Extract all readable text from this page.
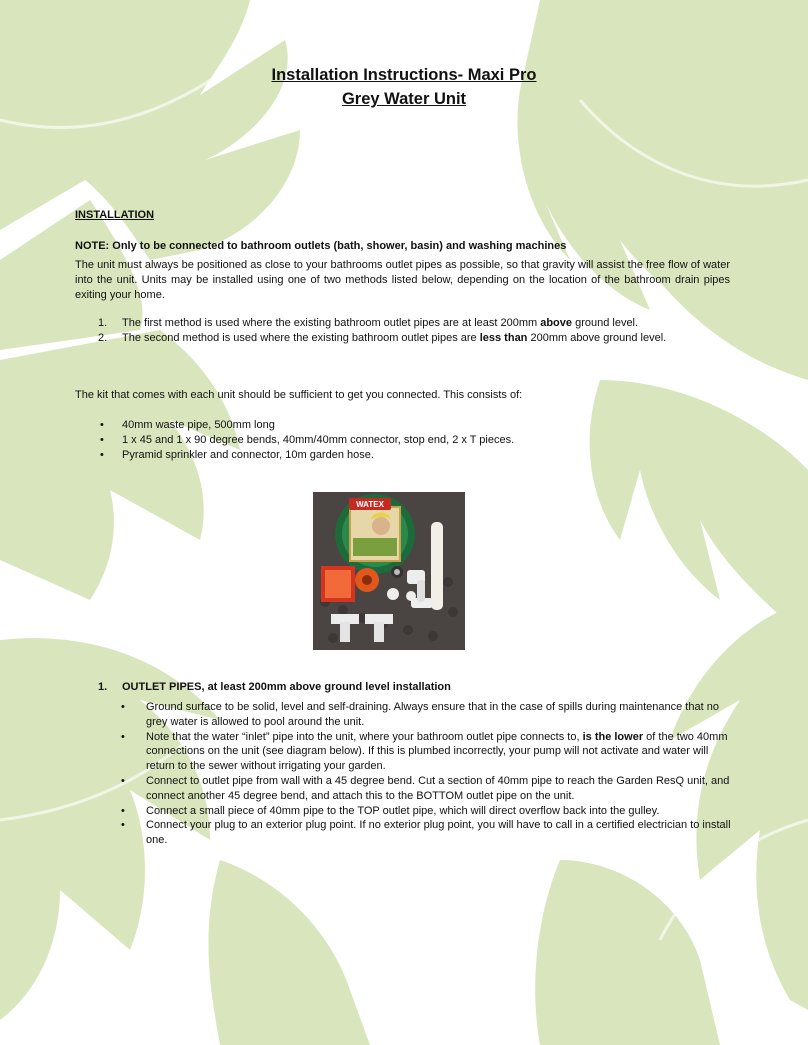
Installation Instructions- Maxi Pro
Grey Water Unit
INSTALLATION
NOTE: Only to be connected to bathroom outlets (bath, shower, basin) and washing machines
The unit must always be positioned as close to your bathrooms outlet pipes as possible, so that gravity will assist the free flow of water into the unit. Units may be installed using one of two methods listed below, depending on the location of the bathroom drain pipes exiting your home.
1. The first method is used where the existing bathroom outlet pipes are at least 200mm above ground level.
2. The second method is used where the existing bathroom outlet pipes are less than 200mm above ground level.
The kit that comes with each unit should be sufficient to get you connected. This consists of:
• 40mm waste pipe, 500mm long
• 1 x 45 and 1 x 90 degree bends, 40mm/40mm connector, stop end, 2 x T pieces.
• Pyramid sprinkler and connector, 10m garden hose.
WATEX
1. OUTLET PIPES, at least 200mm above ground level installation
• Ground surface to be solid, level and self-draining. Always ensure that in the case of spills during maintenance that no grey water is allowed to pool around the unit.
• Note that the water “inlet” pipe into the unit, where your bathroom outlet pipe connects to, is the lower of the two 40mm connections on the unit (see diagram below). If this is plumbed incorrectly, your pump will not activate and water will return to the sewer without irrigating your garden.
• Connect to outlet pipe from wall with a 45 degree bend. Cut a section of 40mm pipe to reach the Garden ResQ unit, and connect another 45 degree bend, and attach this to the BOTTOM outlet pipe on the unit.
• Connect a small piece of 40mm pipe to the TOP outlet pipe, which will direct overflow back into the gulley.
• Connect your plug to an exterior plug point. If no exterior plug point, you will have to call in a certified electrician to install one.
